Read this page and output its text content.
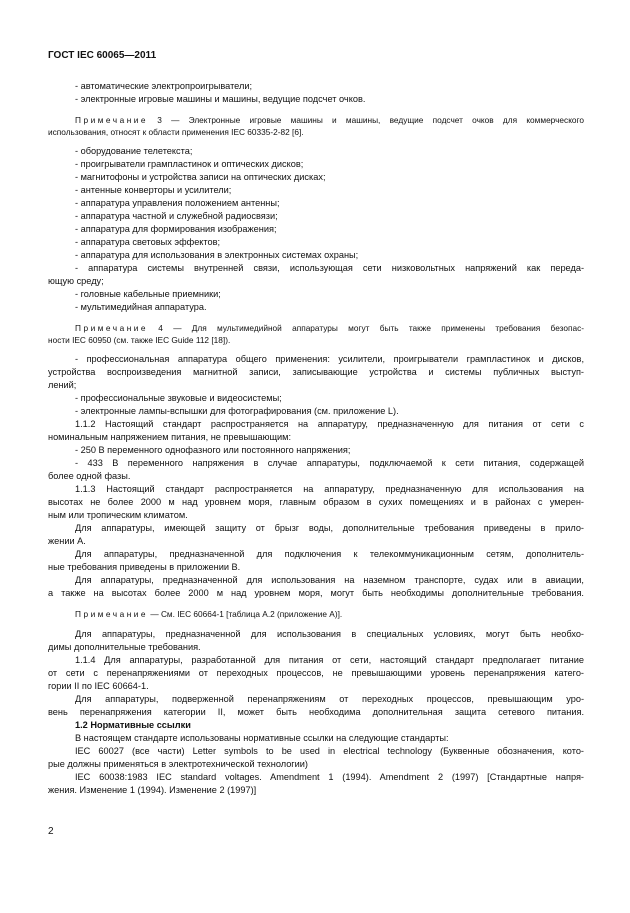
ГОСТ IEC 60065—2011
- автоматические электропроигрыватели;
- электронные игровые машины и машины, ведущие подсчет очков.
Примечание 3 — Электронные игровые машины и машины, ведущие подсчет очков для коммерческого
использования, относят к области применения IEC 60335-2-82 [6].
- оборудование телетекста;
- проигрыватели грампластинок и оптических дисков;
- магнитофоны и устройства записи на оптических дисках;
- антенные конверторы и усилители;
- аппаратура управления положением антенны;
- аппаратура частной и служебной радиосвязи;
- аппаратура для формирования изображения;
- аппаратура световых эффектов;
- аппаратура для использования в электронных системах охраны;
- аппаратура системы внутренней связи, использующая сети низковольтных напряжений как переда-
ющую среду;
- головные кабельные приемники;
- мультимедийная аппаратура.
Примечание 4 — Для мультимедийной аппаратуры могут быть также применены требования безопас-
ности IEC 60950 (см. также IEC Guide 112 [18]).
- профессиональная аппаратура общего применения: усилители, проигрыватели грампластинок и дисков,
устройства воспроизведения магнитной записи, записывающие устройства и системы публичных выступ-
лений;
- профессиональные звуковые и видеосистемы;
- электронные лампы-вспышки для фотографирования (см. приложение L).
1.1.2 Настоящий стандарт распространяется на аппаратуру, предназначенную для питания от сети с
номинальным напряжением питания, не превышающим:
- 250 В переменного однофазного или постоянного напряжения;
- 433 В переменного напряжения в случае аппаратуры, подключаемой к сети питания, содержащей
более одной фазы.
1.1.3 Настоящий стандарт распространяется на аппаратуру, предназначенную для использования на
высотах не более 2000 м над уровнем моря, главным образом в сухих помещениях и в районах с умерен-
ным или тропическим климатом.
Для аппаратуры, имеющей защиту от брызг воды, дополнительные требования приведены в прило-
жении А.
Для аппаратуры, предназначенной для подключения к телекоммуникационным сетям, дополнитель-
ные требования приведены в приложении В.
Для аппаратуры, предназначенной для использования на наземном транспорте, судах или в авиации,
а также на высотах более 2000 м над уровнем моря, могут быть необходимы дополнительные требования.
Примечание — См. IEC 60664-1 [таблица А.2 (приложение А)].
Для аппаратуры, предназначенной для использования в специальных условиях, могут быть необхо-
димы дополнительные требования.
1.1.4 Для аппаратуры, разработанной для питания от сети, настоящий стандарт предполагает питание
от сети с перенапряжениями от переходных процессов, не превышающими уровень перенапряжения катего-
гории II по IEC 60664-1.
Для аппаратуры, подверженной перенапряжениям от переходных процессов, превышающим уро-
вень перенапряжения категории II, может быть необходима дополнительная защита сетевого питания.
1.2 Нормативные ссылки
В настоящем стандарте использованы нормативные ссылки на следующие стандарты:
IEC 60027 (все части) Letter symbols to be used in electrical technology (Буквенные обозначения, кото-
рые должны применяться в электротехнической технологии)
IEC 60038:1983 IEC standard voltages. Amendment 1 (1994). Amendment 2 (1997) [Стандартные напря-
жения. Изменение 1 (1994). Изменение 2 (1997)]
2
